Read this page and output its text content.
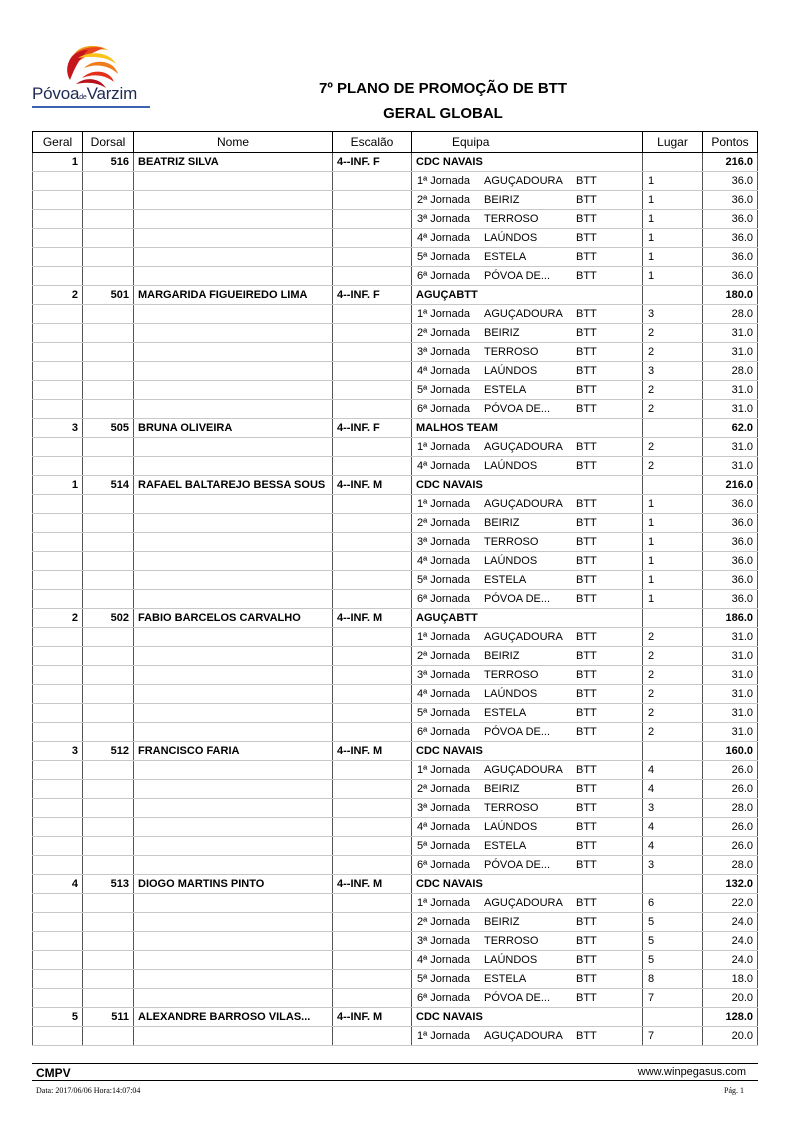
PóvoadeVarzim	7º PLANO DE PROMOÇÃO DE BTT
GERAL GLOBAL
Geral	Dorsal	Nome	Escalão	Equipa	Lugar	Pontos
1	516	BEATRIZ SILVA	4--INF. F	CDC NAVAIS		216.0

				1ª Jornada AGUÇADOURA BTT	1	36.0

				2ª Jornada BEIRIZ BTT	1	36.0

				3ª Jornada TERROSO BTT	1	36.0

				4ª Jornada LAÚNDOS BTT	1	36.0

				5ª Jornada ESTELA BTT	1	36.0

				6ª Jornada PÓVOA DE... BTT	1	36.0
2	501	MARGARIDA FIGUEIREDO LIMA	4--INF. F	AGUÇABTT		180.0

				1ª Jornada AGUÇADOURA BTT	3	28.0

				2ª Jornada BEIRIZ BTT	2	31.0

				3ª Jornada TERROSO BTT	2	31.0

				4ª Jornada LAÚNDOS BTT	3	28.0

				5ª Jornada ESTELA BTT	2	31.0

				6ª Jornada PÓVOA DE... BTT	2	31.0
3	505	BRUNA OLIVEIRA	4--INF. F	MALHOS TEAM		62.0

				1ª Jornada AGUÇADOURA BTT	2	31.0

				4ª Jornada LAÚNDOS BTT	2	31.0
1	514	RAFAEL BALTAREJO BESSA SOUS	4--INF. M	CDC NAVAIS		216.0

				1ª Jornada AGUÇADOURA BTT	1	36.0

				2ª Jornada BEIRIZ BTT	1	36.0

				3ª Jornada TERROSO BTT	1	36.0

				4ª Jornada LAÚNDOS BTT	1	36.0

				5ª Jornada ESTELA BTT	1	36.0

				6ª Jornada PÓVOA DE... BTT	1	36.0
2	502	FABIO BARCELOS CARVALHO	4--INF. M	AGUÇABTT		186.0

				1ª Jornada AGUÇADOURA BTT	2	31.0

				2ª Jornada BEIRIZ BTT	2	31.0

				3ª Jornada TERROSO BTT	2	31.0

				4ª Jornada LAÚNDOS BTT	2	31.0

				5ª Jornada ESTELA BTT	2	31.0

				6ª Jornada PÓVOA DE... BTT	2	31.0
3	512	FRANCISCO FARIA	4--INF. M	CDC NAVAIS		160.0

				1ª Jornada AGUÇADOURA BTT	4	26.0

				2ª Jornada BEIRIZ BTT	4	26.0

				3ª Jornada TERROSO BTT	3	28.0

				4ª Jornada LAÚNDOS BTT	4	26.0

				5ª Jornada ESTELA BTT	4	26.0

				6ª Jornada PÓVOA DE... BTT	3	28.0
4	513	DIOGO MARTINS PINTO	4--INF. M	CDC NAVAIS		132.0

				1ª Jornada AGUÇADOURA BTT	6	22.0

				2ª Jornada BEIRIZ BTT	5	24.0

				3ª Jornada TERROSO BTT	5	24.0

				4ª Jornada LAÚNDOS BTT	5	24.0

				5ª Jornada ESTELA BTT	8	18.0

				6ª Jornada PÓVOA DE... BTT	7	20.0
5	511	ALEXANDRE BARROSO VILAS...	4--INF. M	CDC NAVAIS		128.0

				1ª Jornada AGUÇADOURA BTT	7	20.0
CMPV	www.winpegasus.com
Data: 2017/06/06 Hora:14:07:04	Pág. 1
